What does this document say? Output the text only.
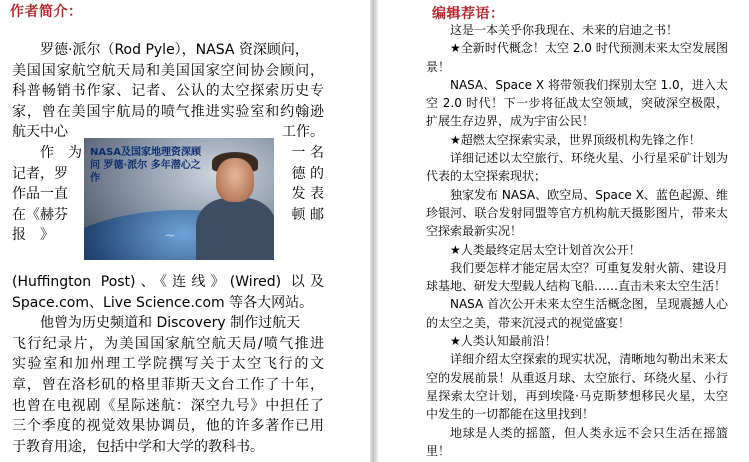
作者简介：

罗德·派尔（Rod Pyle），NASA 资深顾问，

美国国家航空航天局和美国国家空间协会顾问，

科普畅销书作家、记者、公认的太空探索历史专

家，曾在美国宇航局的喷气推进实验室和约翰逊

航天中心	工作。
作　为	一 名
记者，罗	德 的
作品一直	发 表
在《赫芬	顿 邮
报　》

(Huffington Post)、《连线》(Wired) 以及

Space.com、Live Science.com 等各大网站。

他曾为历史频道和 Discovery 制作过航天

飞行纪录片，为美国国家航空航天局/喷气推进

实验室和加州理工学院撰写关于太空飞行的文

章，曾在洛杉矶的格里菲斯天文台工作了十年，

也曾在电视剧《星际迷航：深空九号》中担任了

三个季度的视觉效果协调员，他的许多著作已用

于教育用途，包括中学和大学的教科书。

NASA及国家地理资深顾问 罗德·派尔 多年潜心之作
~
编辑荐语：

这是一本关乎你我现在、未来的启迪之书！

★全新时代概念！太空 2.0 时代预测未来太空发展图景！

NASA、Space X 将带领我们探别太空 1.0，进入太空 2.0 时代！下一步将征战太空领域，突破深空极限，扩展生存边界，成为宇宙公民！

★超燃太空探索实录，世界顶级机构先锋之作！

详细记述以太空旅行、环绕火星、小行星采矿计划为代表的太空探索现状；

独家发布 NASA、欧空局、Space X、蓝色起源、维珍银河、联合发射同盟等官方机构航天摄影图片，带来太空探索最新实况！

★人类最终定居太空计划首次公开！

我们要怎样才能定居太空？可重复发射火箭、建设月球基地、研发大型载人结构飞船……直击未来太空生活！

NASA 首次公开未来太空生活概念图，呈现震撼人心的太空之美，带来沉浸式的视觉盛宴！

★人类认知最前沿！

详细介绍太空探索的现实状况，清晰地勾勒出未来太空的发展前景！从重返月球、太空旅行、环绕火星、小行星探索太空计划，再到埃隆·马克斯梦想移民火星，太空中发生的一切都能在这里找到！

地球是人类的摇篮，但人类永远不会只生活在摇篮里！
